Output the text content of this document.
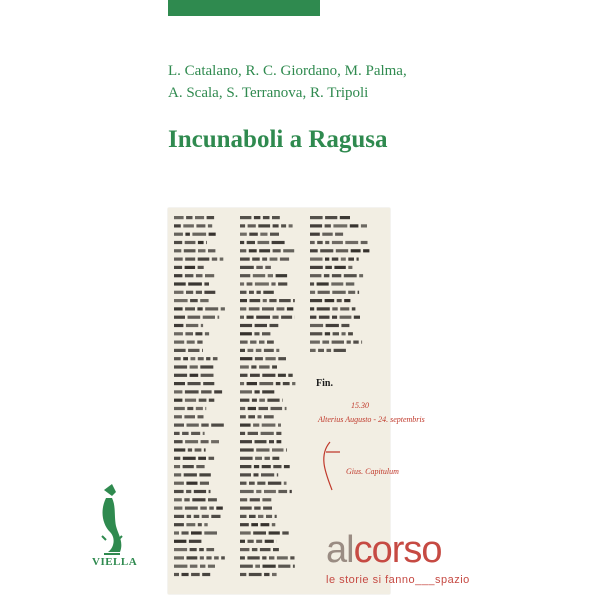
L. Catalano, R. C. Giordano, M. Palma,
A. Scala, S. Terranova, R. Tripoli
Incunaboli a Ragusa
Fin.
15.30
Alterius Augusto - 24. septembris
Gius. Capitulum
VIELLA	alcorso
le storie si fanno___spazio
